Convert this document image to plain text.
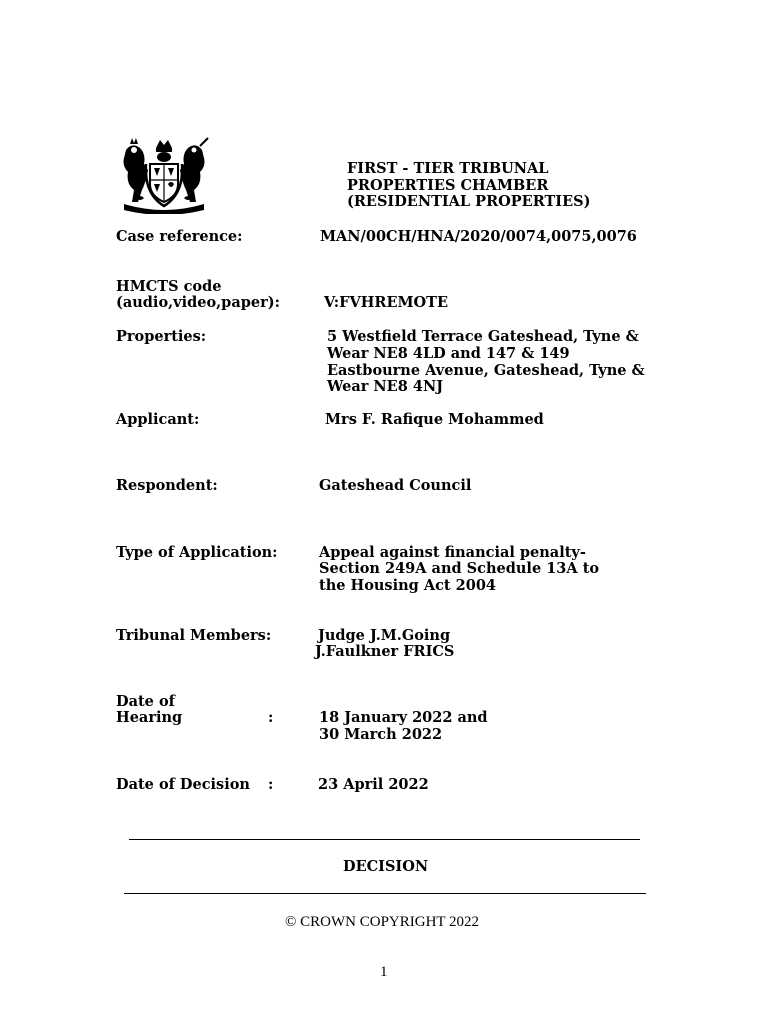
FIRST - TIER TRIBUNAL
PROPERTIES CHAMBER
(RESIDENTIAL PROPERTIES)
Case reference:	MAN/00CH/HNA/2020/0074,0075,0076
HMCTS code
(audio,video,paper):	V:FVHREMOTE
Properties:	5 Westfield Terrace Gateshead, Tyne &
Wear NE8 4LD and 147 & 149
Eastbourne Avenue, Gateshead, Tyne &
Wear NE8 4NJ
Applicant:	Mrs F. Rafique Mohammed
Respondent:	Gateshead Council
Type of Application:	Appeal against financial penalty-
Section 249A and Schedule 13A to
the Housing Act 2004
Tribunal Members:	Judge J.M.Going
J.Faulkner FRICS
Date of
Hearing	:	18 January 2022 and
30 March 2022
Date of Decision :	23 April 2022
DECISION
© CROWN COPYRIGHT 2022
1
